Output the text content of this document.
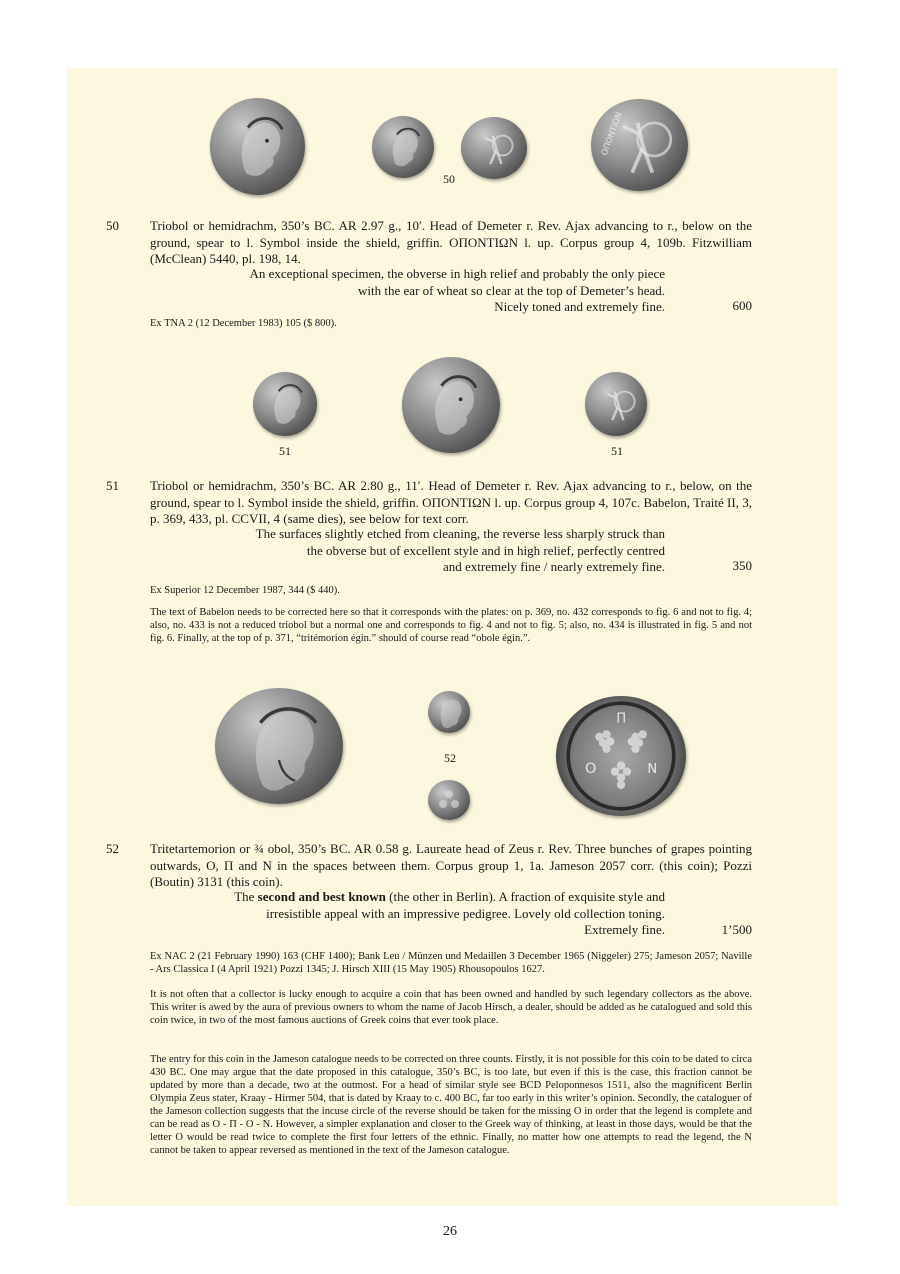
ΟΠΟΝΤΙΩΝ
50
50 Triobol or hemidrachm, 350’s BC. AR 2.97 g., 10′. Head of Demeter r. Rev. Ajax advancing to r., below on the ground, spear to l. Symbol inside the shield, griffin. ΟΠΟΝΤΙΩΝ l. up. Corpus group 4, 109b. Fitzwilliam (McClean) 5440, pl. 198, 14.

An exceptional specimen, the obverse in high relief and probably the only piece
with the ear of wheat so clear at the top of Demeter’s head.
Nicely toned and extremely fine.	600

Ex TNA 2 (12 December 1983) 105 ($ 800).

51	51
51 Triobol or hemidrachm, 350’s BC. AR 2.80 g., 11′. Head of Demeter r. Rev. Ajax advancing to r., below, on the ground, spear to l. Symbol inside the shield, griffin. ΟΠΟΝΤΙΩΝ l. up. Corpus group 4, 107c. Babelon, Traité II, 3, p. 369, 433, pl. CCVII, 4 (same dies), see below for text corr.

The surfaces slightly etched from cleaning, the reverse less sharply struck than
the obverse but of excellent style and in high relief, perfectly centred
and extremely fine / nearly extremely fine.	350

Ex Superior 12 December 1987, 344 ($ 440).

The text of Babelon needs to be corrected here so that it corresponds with the plates: on p. 369, no. 432 corresponds to fig. 6 and not to fig. 4; also, no. 433 is not a reduced triobol but a normal one and corresponds to fig. 4 and not to fig. 5; also, no. 434 is illustrated in fig. 5 and not fig. 6. Finally, at the top of p. 371, “tritémorion égin.” should of course read “obole égin.”.

O
Π
N
52
52 Tritetartemorion or ¾ obol, 350’s BC. AR 0.58 g. Laureate head of Zeus r. Rev. Three bunches of grapes pointing outwards, O, Π and N in the spaces between them. Corpus group 1, 1a. Jameson 2057 corr. (this coin); Pozzi (Boutin) 3131 (this coin).

The second and best known (the other in Berlin). A fraction of exquisite style and
irresistible appeal with an impressive pedigree. Lovely old collection toning.
Extremely fine.	1’500

Ex NAC 2 (21 February 1990) 163 (CHF 1400); Bank Leu / Münzen und Medaillen 3 December 1965 (Niggeler) 275; Jameson 2057; Naville - Ars Classica I (4 April 1921) Pozzi 1345; J. Hirsch XIII (15 May 1905) Rhousopoulos 1627.

It is not often that a collector is lucky enough to acquire a coin that has been owned and handled by such legendary collectors as the above. This writer is awed by the aura of previous owners to whom the name of Jacob Hirsch, a dealer, should be added as he catalogued and sold this coin twice, in two of the most famous auctions of Greek coins that ever took place.

The entry for this coin in the Jameson catalogue needs to be corrected on three counts. Firstly, it is not possible for this coin to be dated to circa 430 BC. One may argue that the date proposed in this catalogue, 350’s BC, is too late, but even if this is the case, this fraction cannot be updated by more than a decade, two at the outmost. For a head of similar style see BCD Peloponnesos 1511, also the magnificent Berlin Olympia Zeus stater, Kraay - Hirmer 504, that is dated by Kraay to c. 400 BC, far too early in this writer’s opinion. Secondly, the cataloguer of the Jameson collection suggests that the incuse circle of the reverse should be taken for the missing O in order that the legend is complete and can be read as O - Π - O - N. However, a simpler explanation and closer to the Greek way of thinking, at least in those days, would be that the letter O would be read twice to complete the first four letters of the ethnic. Finally, no matter how one attempts to read the legend, the N cannot be taken to appear reversed as mentioned in the text of the Jameson catalogue.

26
